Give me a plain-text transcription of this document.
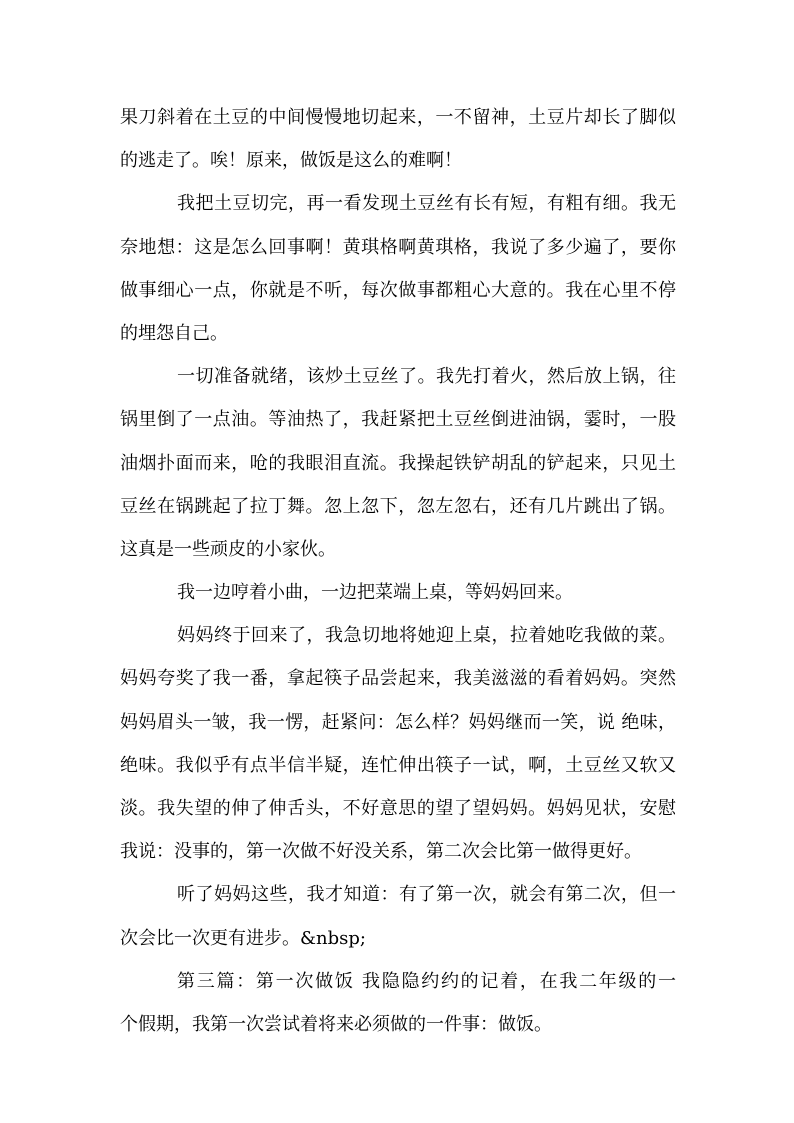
果刀斜着在土豆的中间慢慢地切起来，一不留神，土豆片却长了脚似
的逃走了。唉！原来，做饭是这么的难啊！
我把土豆切完，再一看发现土豆丝有长有短，有粗有细。我无
奈地想：这是怎么回事啊！黄琪格啊黄琪格，我说了多少遍了，要你
做事细心一点，你就是不听，每次做事都粗心大意的。我在心里不停
的埋怨自己。
一切准备就绪，该炒土豆丝了。我先打着火，然后放上锅，往
锅里倒了一点油。等油热了，我赶紧把土豆丝倒进油锅，霎时，一股
油烟扑面而来，呛的我眼泪直流。我操起铁铲胡乱的铲起来，只见土
豆丝在锅跳起了拉丁舞。忽上忽下，忽左忽右，还有几片跳出了锅。
这真是一些顽皮的小家伙。
我一边哼着小曲，一边把菜端上桌，等妈妈回来。
妈妈终于回来了，我急切地将她迎上桌，拉着她吃我做的菜。
妈妈夸奖了我一番，拿起筷子品尝起来，我美滋滋的看着妈妈。突然
妈妈眉头一皱，我一愣，赶紧问：怎么样？妈妈继而一笑，说 绝味，
绝味。我似乎有点半信半疑，连忙伸出筷子一试，啊，土豆丝又软又
淡。我失望的伸了伸舌头，不好意思的望了望妈妈。妈妈见状，安慰
我说：没事的，第一次做不好没关系，第二次会比第一做得更好。
听了妈妈这些，我才知道：有了第一次，就会有第二次，但一
次会比一次更有进步。&nbsp;
第三篇：第一次做饭 我隐隐约约的记着，在我二年级的一
个假期，我第一次尝试着将来必须做的一件事：做饭。
